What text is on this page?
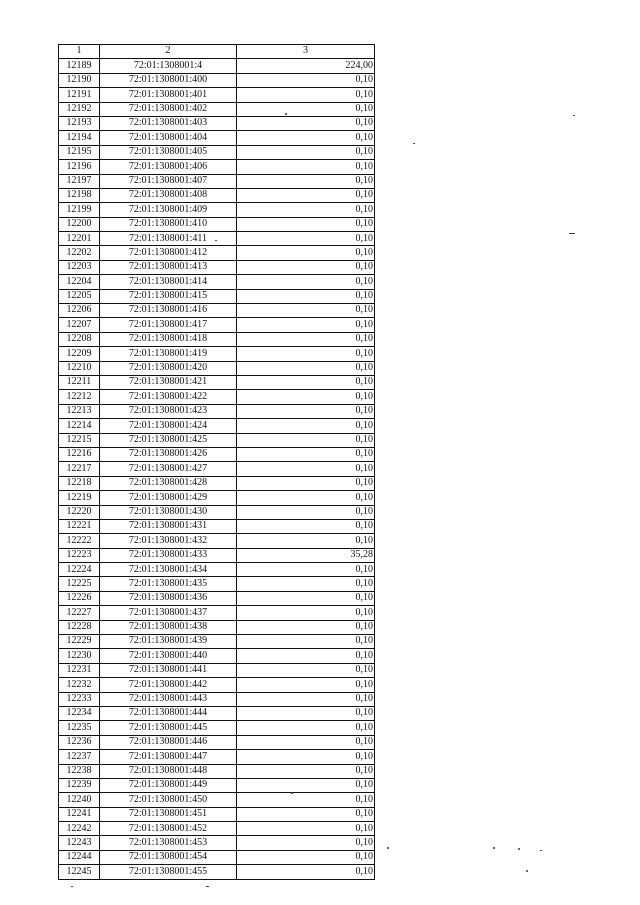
1	2	3
12189	72:01:1308001:4	224,00
12190	72:01:1308001:400	0,10
12191	72:01:1308001:401	0,10
12192	72:01:1308001:402	0,10
12193	72:01:1308001:403	0,10
12194	72:01:1308001:404	0,10
12195	72:01:1308001:405	0,10
12196	72:01:1308001:406	0,10
12197	72:01:1308001:407	0,10
12198	72:01:1308001:408	0,10
12199	72:01:1308001:409	0,10
12200	72:01:1308001:410	0,10
12201	72:01:1308001:411	0,10
12202	72:01:1308001:412	0,10
12203	72:01:1308001:413	0,10
12204	72:01:1308001:414	0,10
12205	72:01:1308001:415	0,10
12206	72:01:1308001:416	0,10
12207	72:01:1308001:417	0,10
12208	72:01:1308001:418	0,10
12209	72:01:1308001:419	0,10
12210	72:01:1308001:420	0,10
12211	72:01:1308001:421	0,10
12212	72:01:1308001:422	0,10
12213	72:01:1308001:423	0,10
12214	72:01:1308001:424	0,10
12215	72:01:1308001:425	0,10
12216	72:01:1308001:426	0,10
12217	72:01:1308001:427	0,10
12218	72:01:1308001:428	0,10
12219	72:01:1308001:429	0,10
12220	72:01:1308001:430	0,10
12221	72:01:1308001:431	0,10
12222	72:01:1308001:432	0,10
12223	72:01:1308001:433	35,28
12224	72:01:1308001:434	0,10
12225	72:01:1308001:435	0,10
12226	72:01:1308001:436	0,10
12227	72:01:1308001:437	0,10
12228	72:01:1308001:438	0,10
12229	72:01:1308001:439	0,10
12230	72:01:1308001:440	0,10
12231	72:01:1308001:441	0,10
12232	72:01:1308001:442	0,10
12233	72:01:1308001:443	0,10
12234	72:01:1308001:444	0,10
12235	72:01:1308001:445	0,10
12236	72:01:1308001:446	0,10
12237	72:01:1308001:447	0,10
12238	72:01:1308001:448	0,10
12239	72:01:1308001:449	0,10
12240	72:01:1308001:450	0,10
12241	72:01:1308001:451	0,10
12242	72:01:1308001:452	0,10
12243	72:01:1308001:453	0,10
12244	72:01:1308001:454	0,10
12245	72:01:1308001:455	0,10
